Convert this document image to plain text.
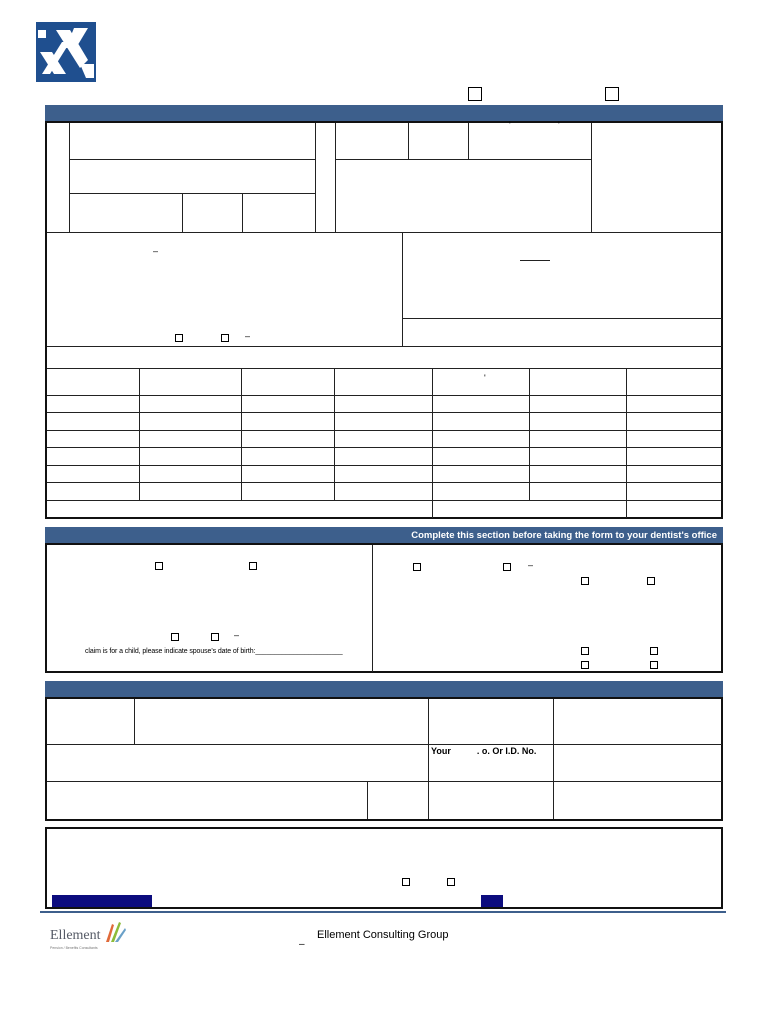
'	'
–
–
'
Complete this section before taking the form to your dentist's office
–
claim is for a child, please indicate spouse's date of birth:_______________________
–
Your	. o. Or I.D. No.
Ellement
Pension / Benefits Consultants
Ellement Consulting Group
–
